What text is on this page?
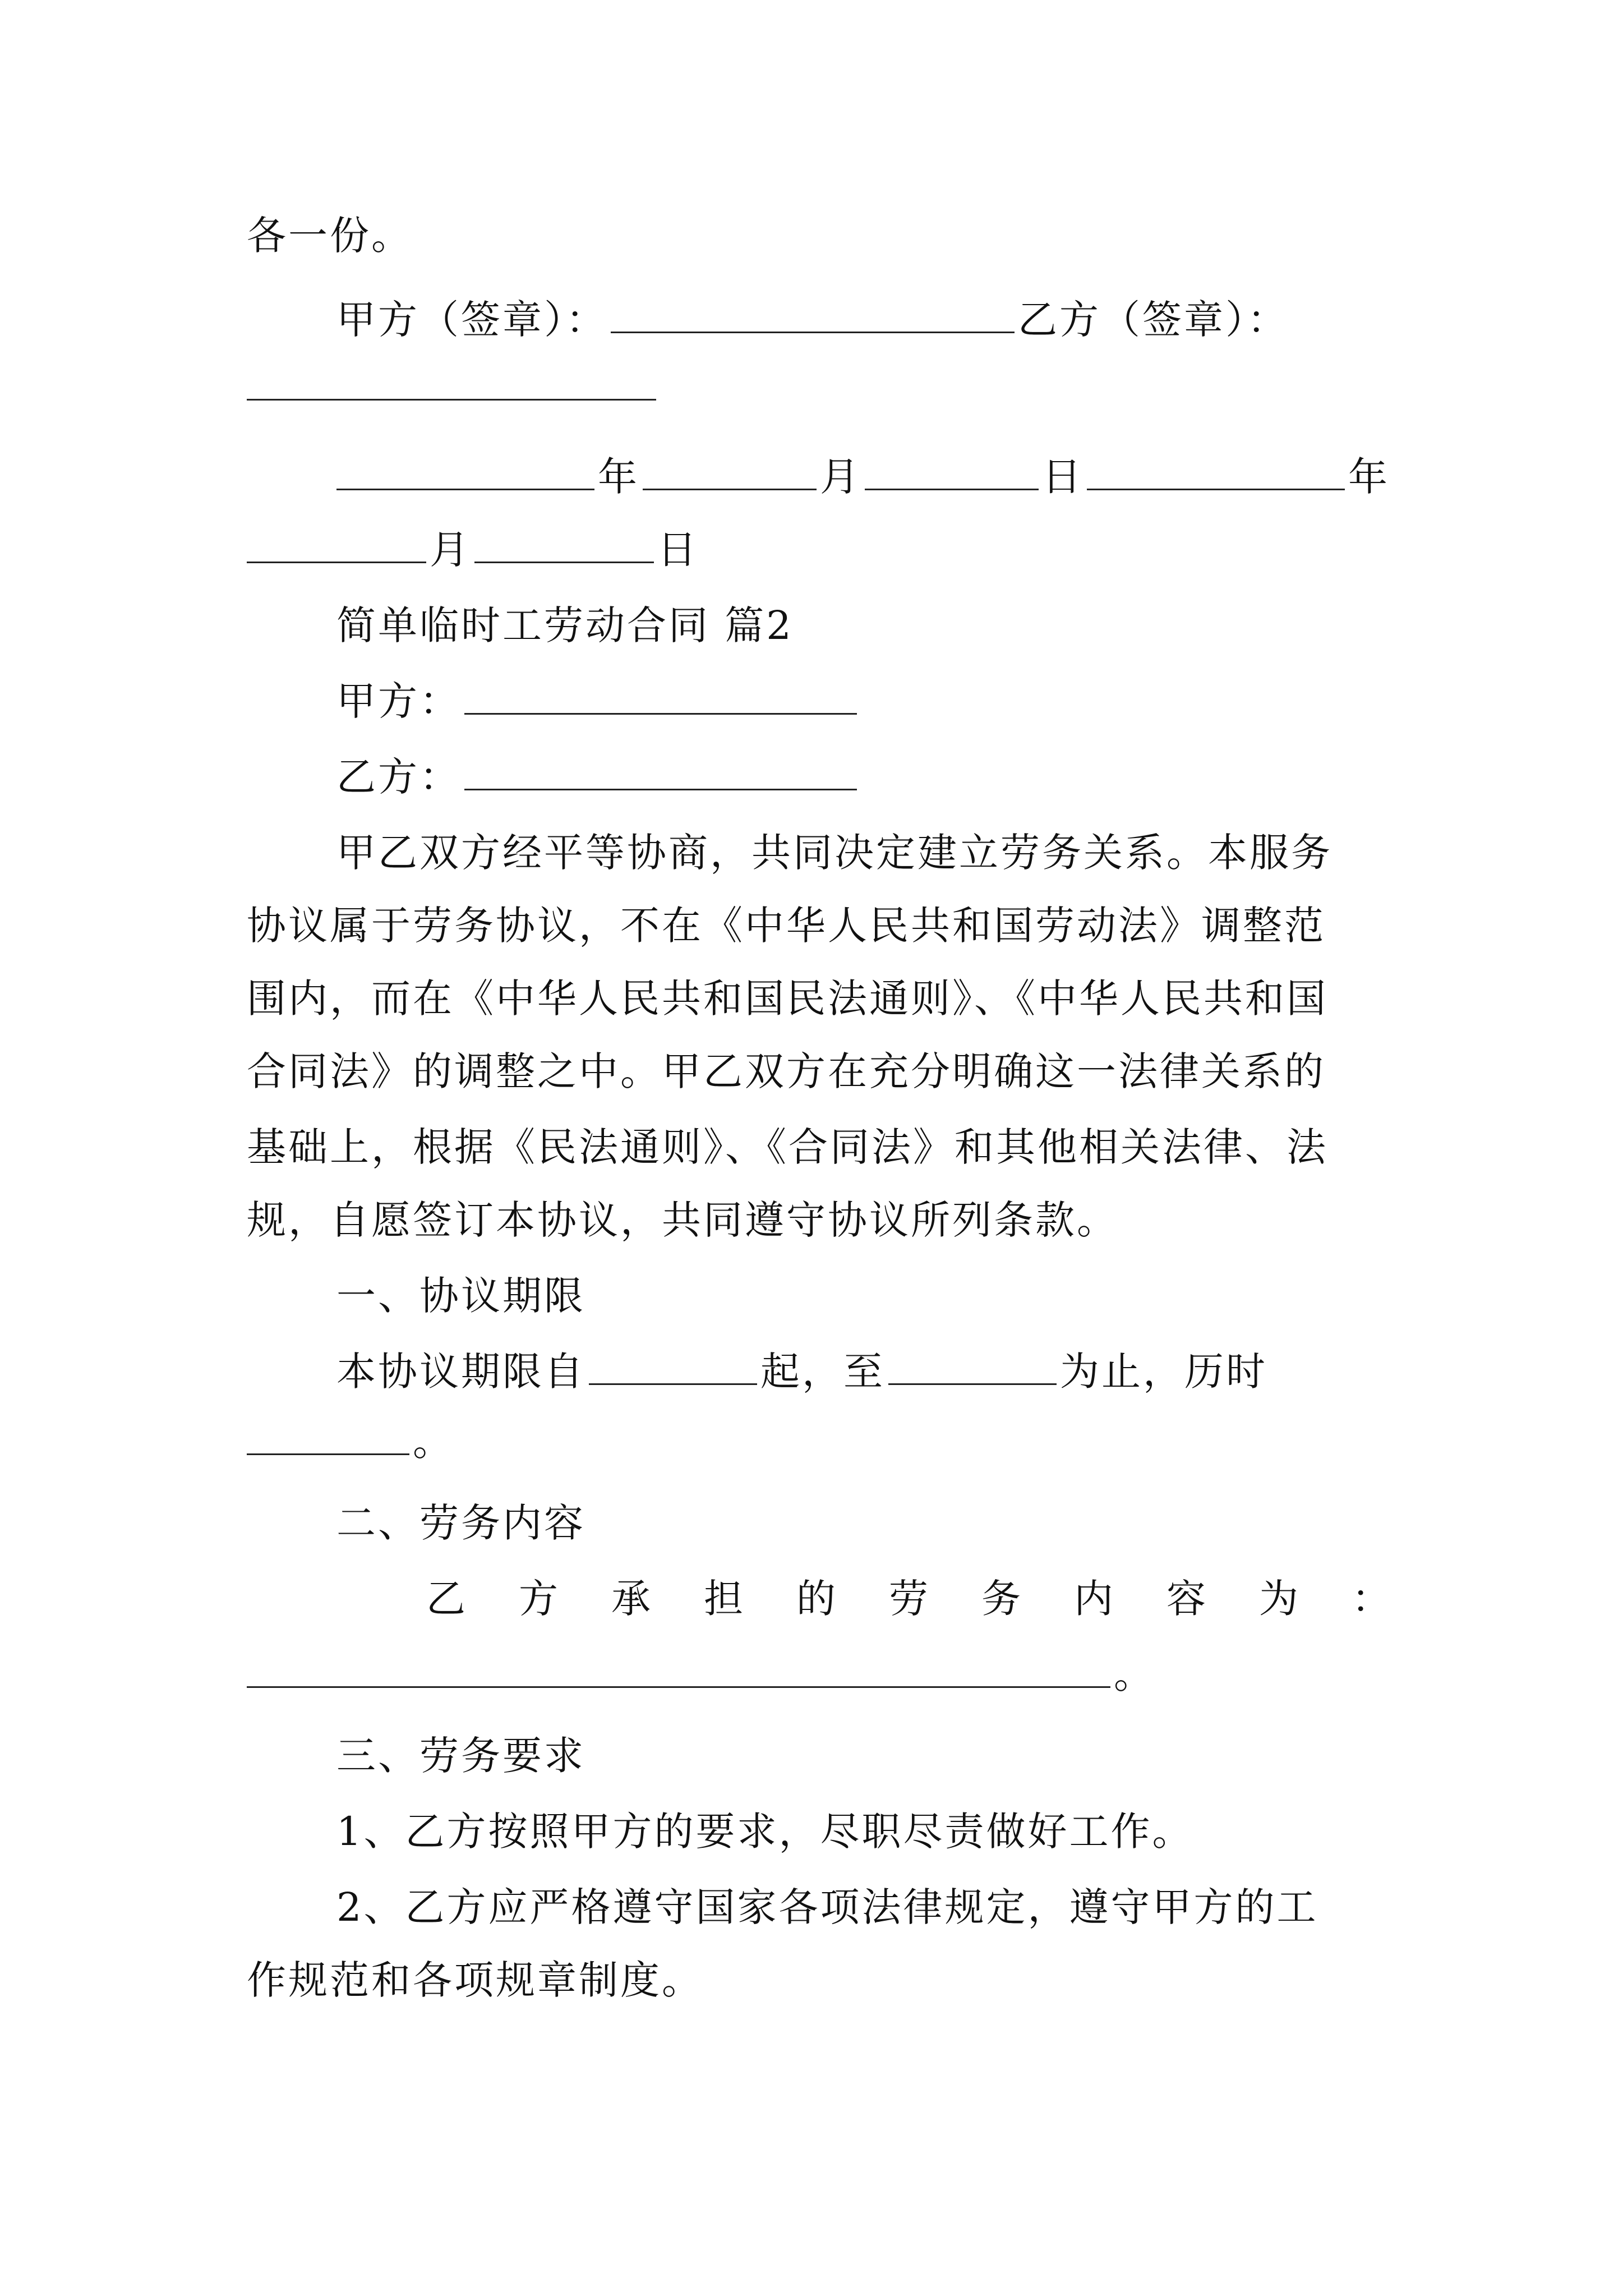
各一份。
甲方（签章）：	乙方（签章）：
年	月	日	年
月	日
简单临时工劳动合同 篇2
甲方：
乙方：
甲乙双方经平等协商，共同决定建立劳务关系。本服务
协议属于劳务协议，不在《中华人民共和国劳动法》调整范
围内，而在《中华人民共和国民法通则》、《中华人民共和国
合同法》的调整之中。甲乙双方在充分明确这一法律关系的
基础上，根据《民法通则》、《合同法》和其他相关法律、法
规，自愿签订本协议，共同遵守协议所列条款。
一、协议期限
本协议期限自	起，至	为止，历时
。
二、劳务内容
乙 方 承 担 的 劳 务 内 容 为 ：
。
三、劳务要求
1、乙方按照甲方的要求，尽职尽责做好工作。
2、乙方应严格遵守国家各项法律规定，遵守甲方的工
作规范和各项规章制度。
